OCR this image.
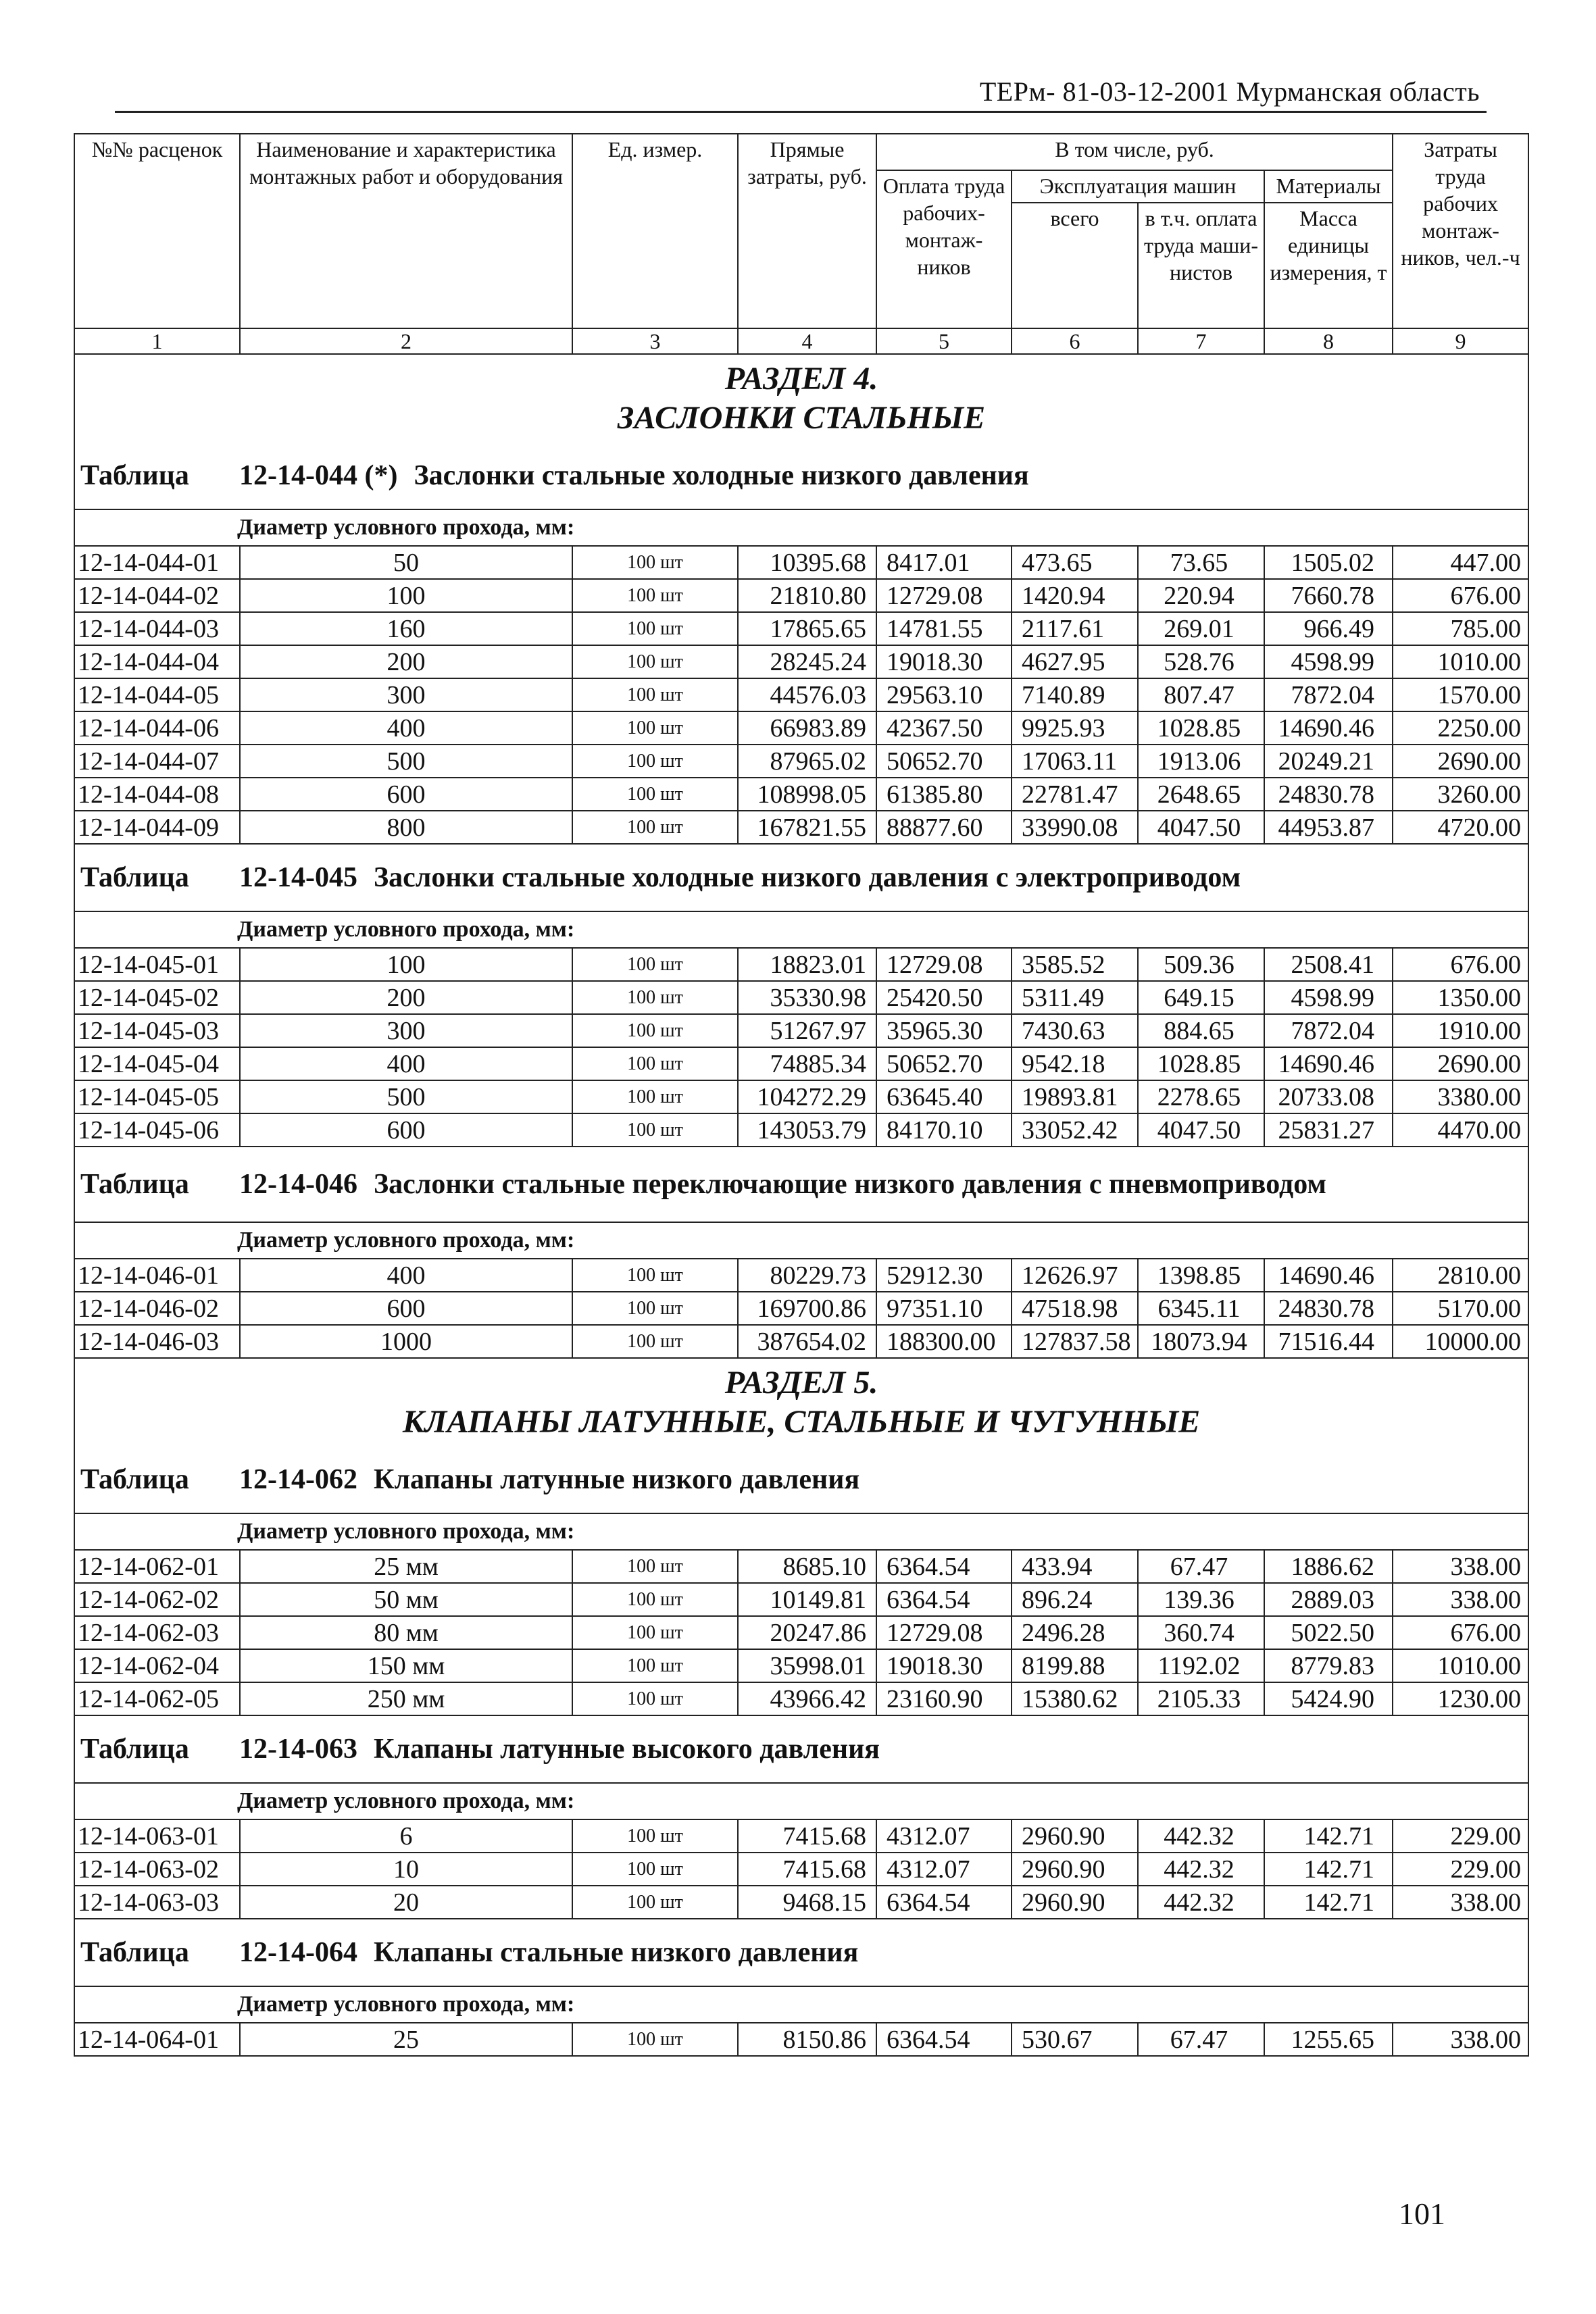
ТЕРм- 81-03-12-2001 Мурманская область
№№ расценок	Наименование и характеристика монтажных работ и оборудования	Ед. измер.	Прямые затраты, руб.	В том числе, руб.				Затраты труда рабочих монтаж-ников, чел.-ч
				Оплата труда рабочих-монтаж-ников	Эксплуатация машин		Материалы	
					всего	в т.ч. оплата труда маши-нистов	Масса единицы измерения, т	
1	2	3	4	5	6	7	8	9

РАЗДЕЛ 4.
ЗАСЛОНКИ СТАЛЬНЫЕ								

Таблица 12-14-044 (*) Заслонки стальные холодные низкого давления								
Диаметр условного прохода, мм:								
12-14-044-01	50	100 шт	10395.68	8417.01	473.65	73.65	1505.02	447.00
12-14-044-02	100	100 шт	21810.80	12729.08	1420.94	220.94	7660.78	676.00
12-14-044-03	160	100 шт	17865.65	14781.55	2117.61	269.01	966.49	785.00
12-14-044-04	200	100 шт	28245.24	19018.30	4627.95	528.76	4598.99	1010.00
12-14-044-05	300	100 шт	44576.03	29563.10	7140.89	807.47	7872.04	1570.00
12-14-044-06	400	100 шт	66983.89	42367.50	9925.93	1028.85	14690.46	2250.00
12-14-044-07	500	100 шт	87965.02	50652.70	17063.11	1913.06	20249.21	2690.00
12-14-044-08	600	100 шт	108998.05	61385.80	22781.47	2648.65	24830.78	3260.00
12-14-044-09	800	100 шт	167821.55	88877.60	33990.08	4047.50	44953.87	4720.00
Таблица 12-14-045 Заслонки стальные холодные низкого давления с электроприводом								
Диаметр условного прохода, мм:								
12-14-045-01	100	100 шт	18823.01	12729.08	3585.52	509.36	2508.41	676.00
12-14-045-02	200	100 шт	35330.98	25420.50	5311.49	649.15	4598.99	1350.00
12-14-045-03	300	100 шт	51267.97	35965.30	7430.63	884.65	7872.04	1910.00
12-14-045-04	400	100 шт	74885.34	50652.70	9542.18	1028.85	14690.46	2690.00
12-14-045-05	500	100 шт	104272.29	63645.40	19893.81	2278.65	20733.08	3380.00
12-14-045-06	600	100 шт	143053.79	84170.10	33052.42	4047.50	25831.27	4470.00
Таблица 12-14-046 Заслонки стальные переключающие низкого давления с пневмоприводом								
Диаметр условного прохода, мм:								
12-14-046-01	400	100 шт	80229.73	52912.30	12626.97	1398.85	14690.46	2810.00
12-14-046-02	600	100 шт	169700.86	97351.10	47518.98	6345.11	24830.78	5170.00
12-14-046-03	1000	100 шт	387654.02	188300.00	127837.58	18073.94	71516.44	10000.00

РАЗДЕЛ 5.
КЛАПАНЫ ЛАТУННЫЕ, СТАЛЬНЫЕ И ЧУГУННЫЕ								

Таблица 12-14-062 Клапаны латунные низкого давления								
Диаметр условного прохода, мм:								
12-14-062-01	25 мм	100 шт	8685.10	6364.54	433.94	67.47	1886.62	338.00
12-14-062-02	50 мм	100 шт	10149.81	6364.54	896.24	139.36	2889.03	338.00
12-14-062-03	80 мм	100 шт	20247.86	12729.08	2496.28	360.74	5022.50	676.00
12-14-062-04	150 мм	100 шт	35998.01	19018.30	8199.88	1192.02	8779.83	1010.00
12-14-062-05	250 мм	100 шт	43966.42	23160.90	15380.62	2105.33	5424.90	1230.00
Таблица 12-14-063 Клапаны латунные высокого давления								
Диаметр условного прохода, мм:								
12-14-063-01	6	100 шт	7415.68	4312.07	2960.90	442.32	142.71	229.00
12-14-063-02	10	100 шт	7415.68	4312.07	2960.90	442.32	142.71	229.00
12-14-063-03	20	100 шт	9468.15	6364.54	2960.90	442.32	142.71	338.00
Таблица 12-14-064 Клапаны стальные низкого давления								
Диаметр условного прохода, мм:								
12-14-064-01	25	100 шт	8150.86	6364.54	530.67	67.47	1255.65	338.00
101
